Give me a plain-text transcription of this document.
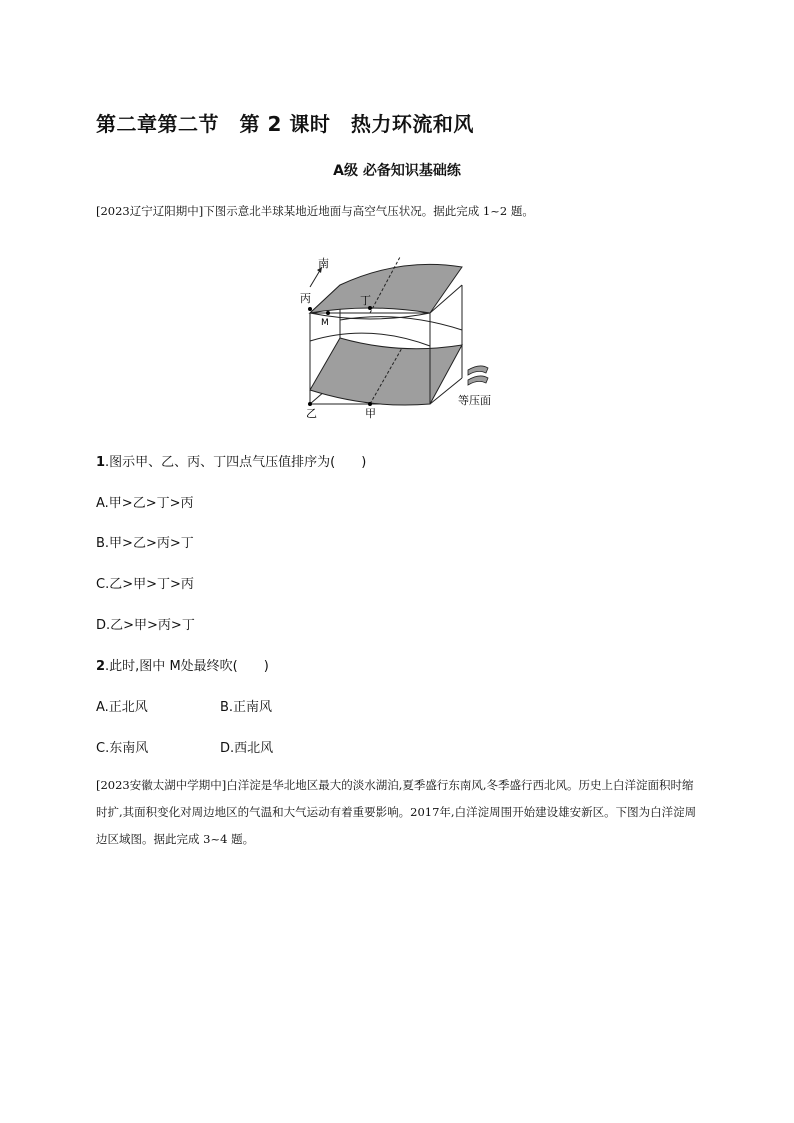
第二章第二节　第 2 课时　热力环流和风
A级 必备知识基础练
[2023辽宁辽阳期中]下图示意北半球某地近地面与高空气压状况。据此完成 1~2 题。
南
丙	丁
M
乙	甲
等压面
1.图示甲、乙、丙、丁四点气压值排序为(　　)
A.甲>乙>丁>丙
B.甲>乙>丙>丁
C.乙>甲>丁>丙
D.乙>甲>丙>丁
2.此时,图中 M处最终吹(　　)
A.正北风	B.正南风
C.东南风	D.西北风
[2023安徽太湖中学期中]白洋淀是华北地区最大的淡水湖泊,夏季盛行东南风,冬季盛行西北风。历史上白洋淀面积时缩时扩,其面积变化对周边地区的气温和大气运动有着重要影响。2017年,白洋淀周围开始建设雄安新区。下图为白洋淀周边区域图。据此完成 3~4 题。
